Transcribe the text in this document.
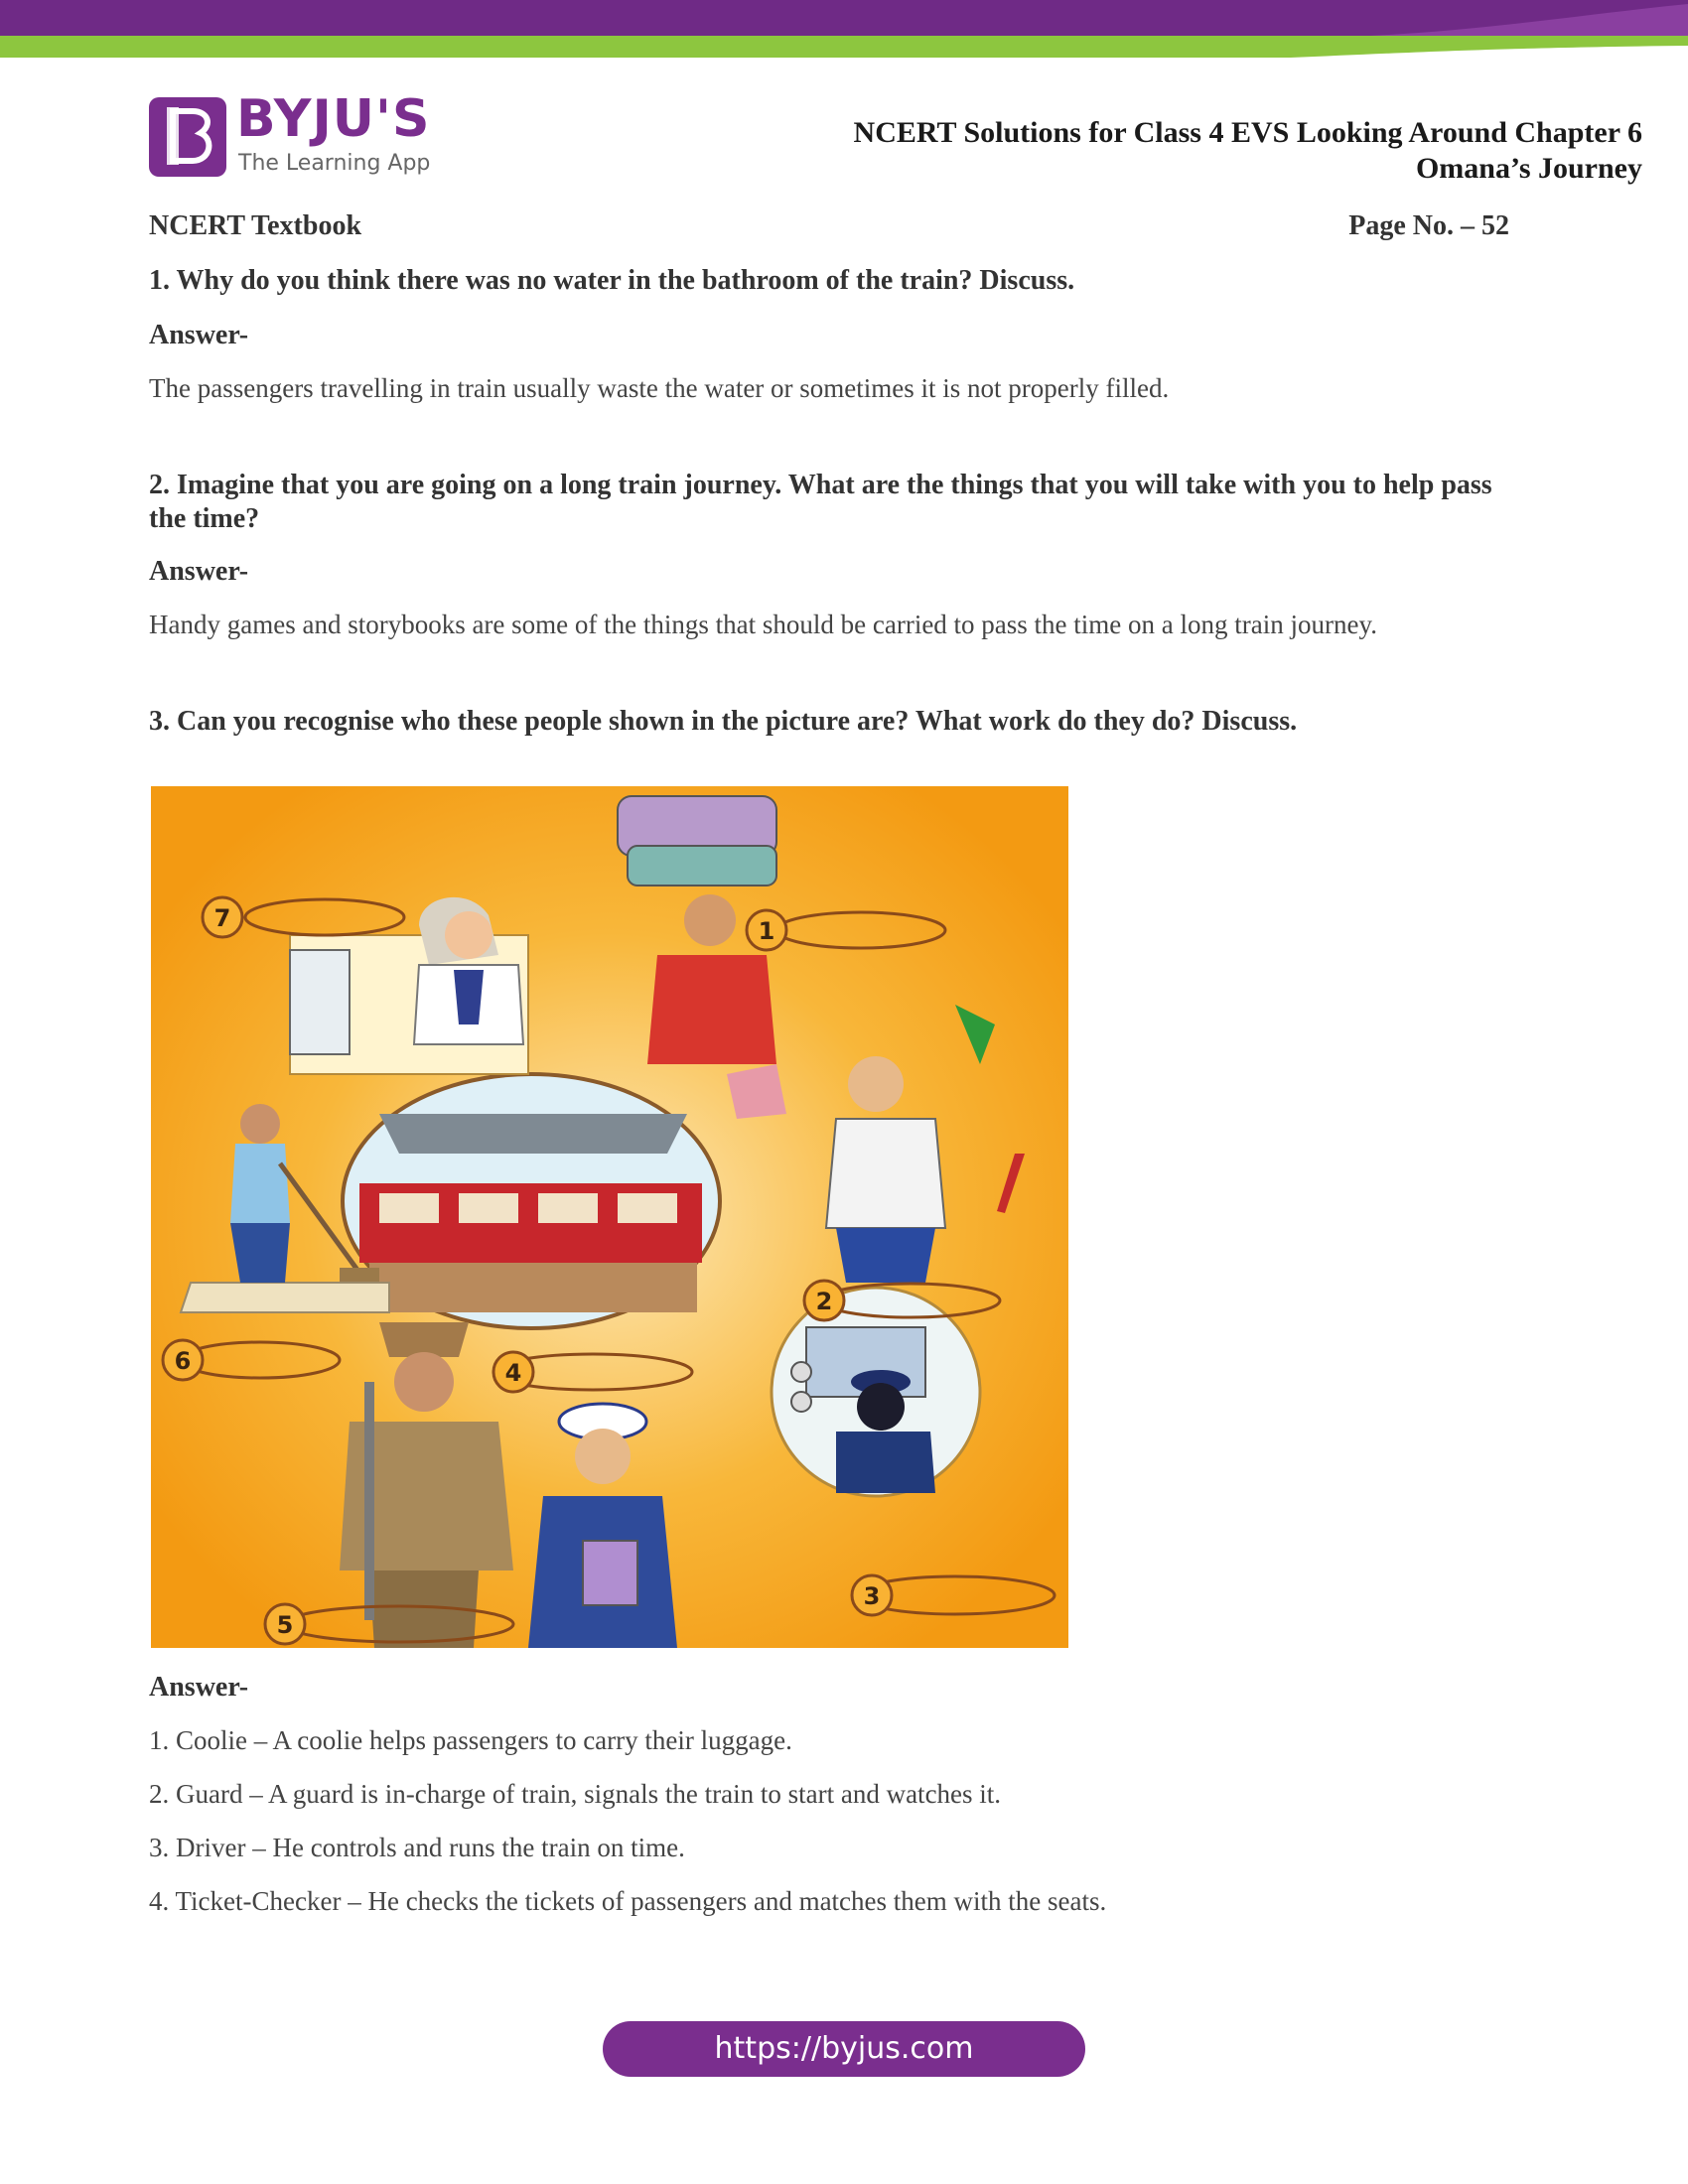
BYJU'S
The Learning App
NCERT Solutions for Class 4 EVS Looking Around Chapter 6
Omana’s Journey
NCERT Textbook	Page No. – 52

1. Why do you think there was no water in the bathroom of the train? Discuss.

Answer-

The passengers travelling in train usually waste the water or sometimes it is not properly filled.

2. Imagine that you are going on a long train journey. What are the things that you will take with you to help pass the time?

Answer-

Handy games and storybooks are some of the things that should be carried to pass the time on a long train journey.

3. Can you recognise who these people shown in the picture are? What work do they do? Discuss.

7	1
2
6	4
3
5

Answer-

1. Coolie – A coolie helps passengers to carry their luggage.

2. Guard – A guard is in-charge of train, signals the train to start and watches it.

3. Driver – He controls and runs the train on time.

4. Ticket-Checker – He checks the tickets of passengers and matches them with the seats.

https://byjus.com
